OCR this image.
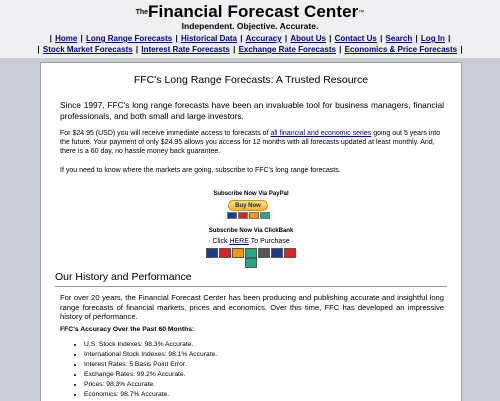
$^{The}$Financial Forecast Center™
Independent. Objective. Accurate.
| Home | Long Range Forecasts | Historical Data | Accuracy | About Us | Contact Us | Search | Log In |
| Stock Market Forecasts | Interest Rate Forecasts | Exchange Rate Forecasts | Economics & Price Forecasts |
FFC's Long Range Forecasts: A Trusted Resource
Since 1997, FFC's long range forecasts have been an invaluable tool for business managers, financial professionals, and both small and large investors.
For $24.95 (USD) you will receive immediate access to forecasts of all financial and economic series going out 5 years into the future. Your payment of only $24.95 allows you access for 12 months with all forecasts updated at least monthly. And, there is a 60 day, no hassle money back guarantee.
If you need to know where the markets are going, subscribe to FFC's long range forecasts.
Subscribe Now Via PayPal
Buy Now
Subscribe Now Via ClickBank
· Click HERE To Purchase ·
Our History and Performance
For over 20 years, the Financial Forecast Center has been producing and publishing accurate and insightful long range forecasts of financial markets, prices and economics. Over this time, FFC has developed an impressive history of performance.
FFC's Accuracy Over the Past 60 Months:
• U.S. Stock Indexes: 98.3% Accurate.
• International Stock Indexes: 98.1% Accurate.
• Interest Rates: 5 Basis Point Error.
• Exchange Rates: 99.2% Accurate.
• Prices: 98.3% Accurate.
• Economics: 98.7% Accurate.
